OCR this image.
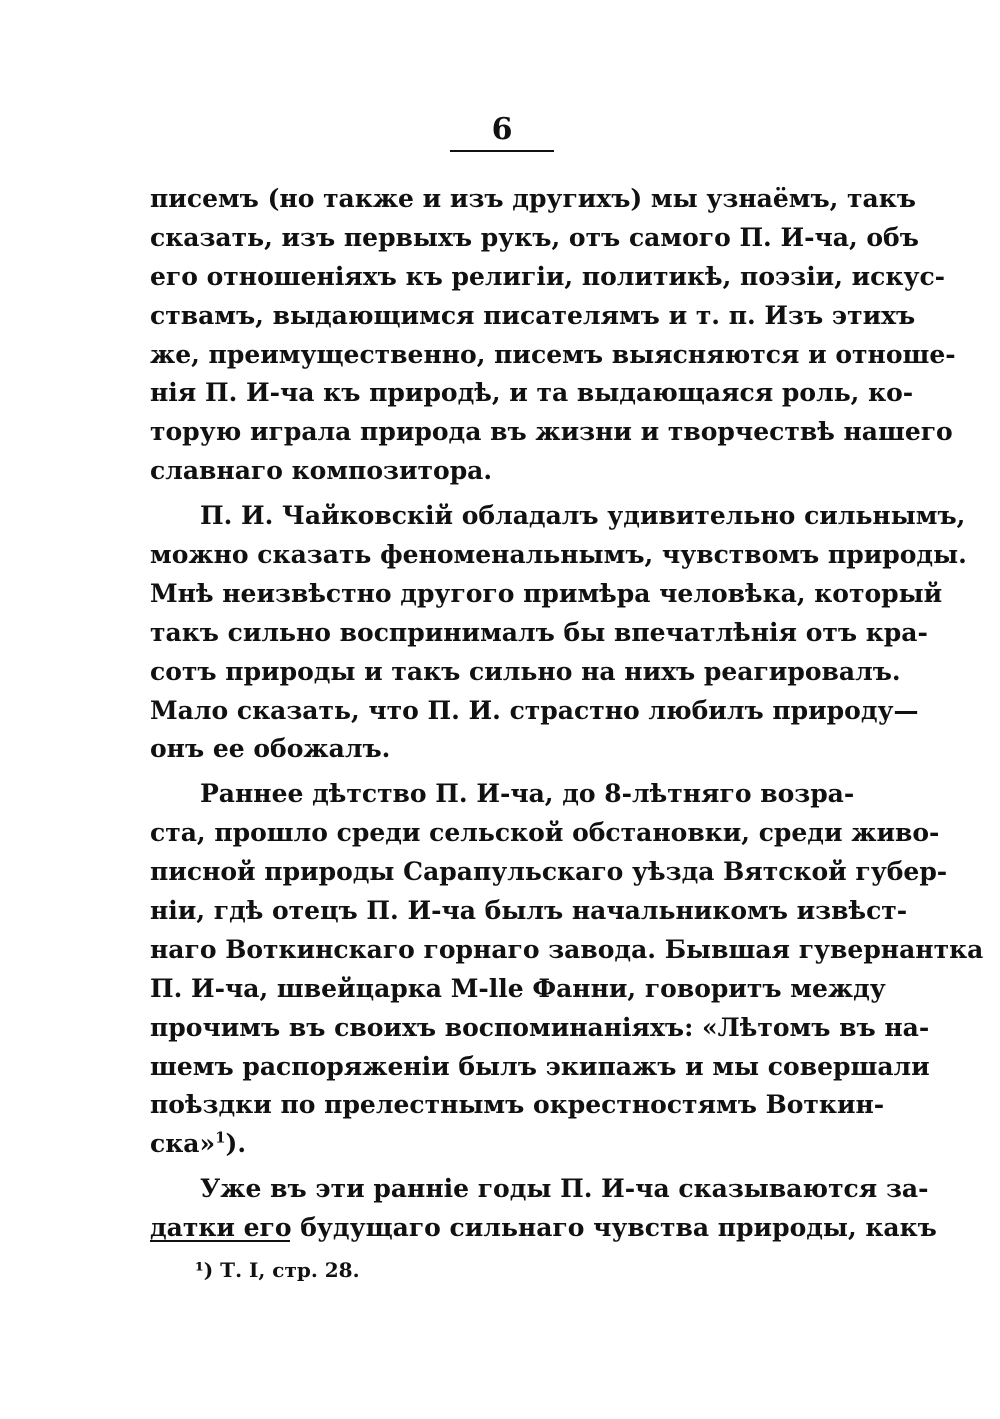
6
писемъ (но также и изъ другихъ) мы узнаёмъ, такъ
сказать, изъ первыхъ рукъ, отъ самого П. И-ча, объ
его отношеніяхъ къ религіи, политикѣ, поэзіи, искус-
ствамъ, выдающимся писателямъ и т. п. Изъ этихъ
же, преимущественно, писемъ выясняются и отноше-
нія П. И-ча къ природѣ, и та выдающаяся роль, ко-
торую играла природа въ жизни и творчествѣ нашего
славнаго композитора.
П. И. Чайковскій обладалъ удивительно сильнымъ,
можно сказать феноменальнымъ, чувствомъ природы.
Мнѣ неизвѣстно другого примѣра человѣка, который
такъ сильно воспринималъ бы впечатлѣнія отъ кра-
сотъ природы и такъ сильно на нихъ реагировалъ.
Мало сказать, что П. И. страстно любилъ природу—
онъ ее обожалъ.
Раннее дѣтство П. И-ча, до 8-лѣтняго возра-
ста, прошло среди сельской обстановки, среди живо-
писной природы Сарапульскаго уѣзда Вятской губер-
ніи, гдѣ отецъ П. И-ча былъ начальникомъ извѣст-
наго Воткинскаго горнаго завода. Бывшая гувернантка
П. И-ча, швейцарка М-lle Фанни, говоритъ между
прочимъ въ своихъ воспоминаніяхъ: «Лѣтомъ въ на-
шемъ распоряженіи былъ экипажъ и мы совершали
поѣздки по прелестнымъ окрестностямъ Воткин-
ска»$^1$).
Уже въ эти ранніе годы П. И-ча сказываются за-
датки его будущаго сильнаго чувства природы, какъ
¹) Т. I, стр. 28.
